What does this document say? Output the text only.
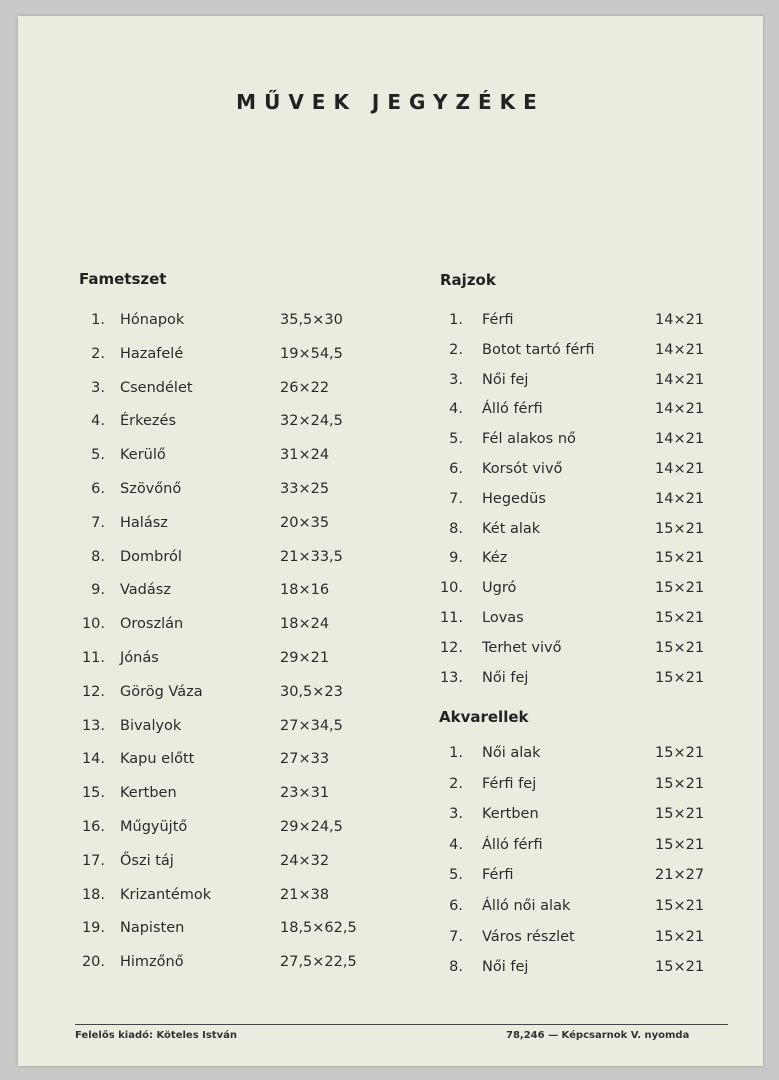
MŰVEK JEGYZÉKE
Fametszet
1. Hónapok	35,5×30
2. Hazafelé	19×54,5
3. Csendélet	26×22
4. Érkezés	32×24,5
5. Kerülő	31×24
6. Szövőnő	33×25
7. Halász	20×35
8. Dombról	21×33,5
9. Vadász	18×16
10. Oroszlán	18×24
11. Jónás	29×21
12. Görög Váza	30,5×23
13. Bivalyok	27×34,5
14. Kapu előtt	27×33
15. Kertben	23×31
16. Műgyüjtő	29×24,5
17. Őszi táj	24×32
18. Krizantémok	21×38
19. Napisten	18,5×62,5
20. Himzőnő	27,5×22,5
Rajzok
1. Férfi	14×21
2. Botot tartó férfi	14×21
3. Női fej	14×21
4. Álló férfi	14×21
5. Fél alakos nő	14×21
6. Korsót vivő	14×21
7. Hegedüs	14×21
8. Két alak	15×21
9. Kéz	15×21
10. Ugró	15×21
11. Lovas	15×21
12. Terhet vivő	15×21
13. Női fej	15×21
Akvarellek
1. Női alak	15×21
2. Férfi fej	15×21
3. Kertben	15×21
4. Álló férfi	15×21
5. Férfi	21×27
6. Álló női alak	15×21
7. Város részlet	15×21
8. Női fej	15×21
Felelős kiadó: Köteles István	78,246 — Képcsarnok V. nyomda
